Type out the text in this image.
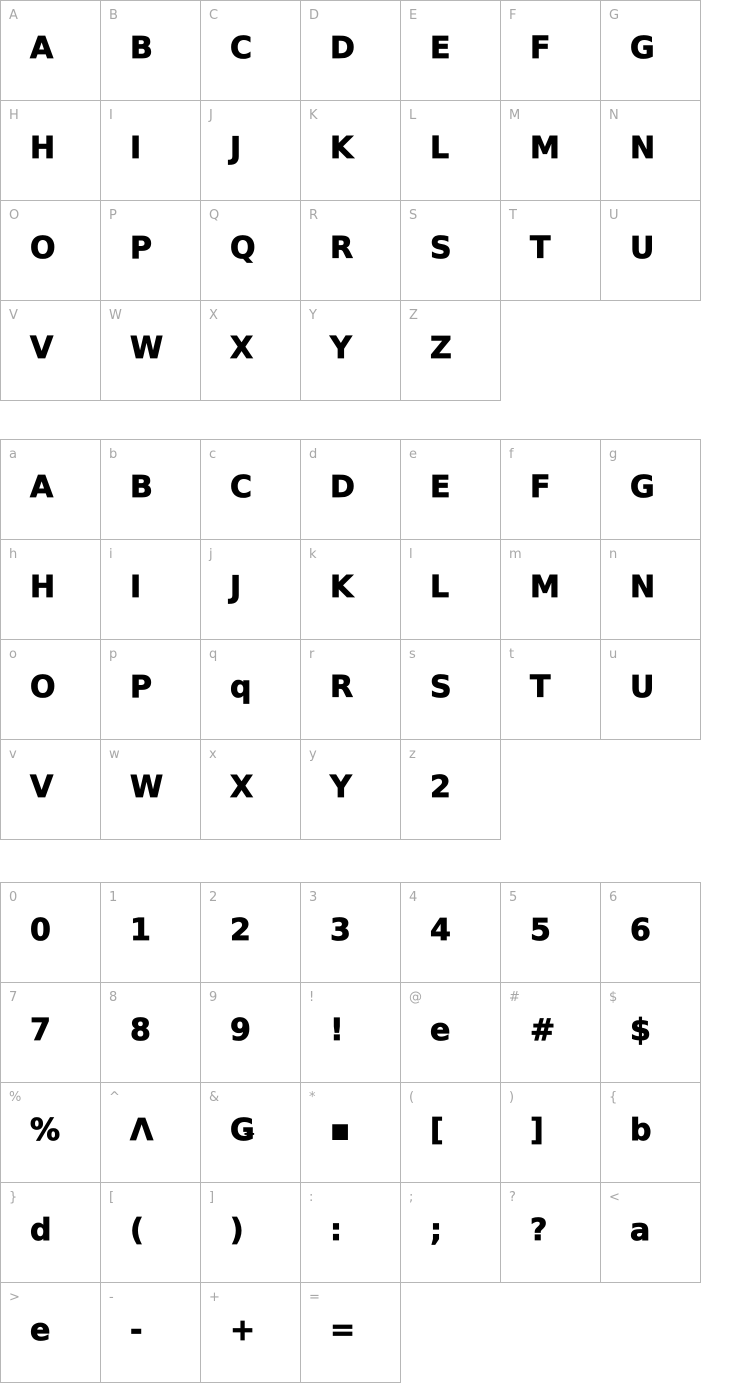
A
A
B
B
C
C
D
D
E
E
F
F
G
G
H
H
I
I
J
J
K
K
L
L
M
M
N
N
O
O
P
P
Q
Q
R
R
S
S
T
T
U
U
V
V
W
W
X
X
Y
Y
Z
Z
a
A
b
B
c
C
d
D
e
E
f
F
g
G
h
H
i
I
j
J
k
K
l
L
m
M
n
N
o
O
p
P
q
q
r
R
s
S
t
T
u
U
v
V
w
W
x
X
y
Y
z
2
0
0
1
1
2
2
3
3
4
4
5
5
6
6
7
7
8
8
9
9
!
!
@
e
#
#
$
$
%
%
^
Λ
&
Ǥ
*
▪
(
[
)
]
{
b
}
d
[
(
]
)
:
:
;
;
?
?
<
a
>
e
-
-
+
+
=
=
